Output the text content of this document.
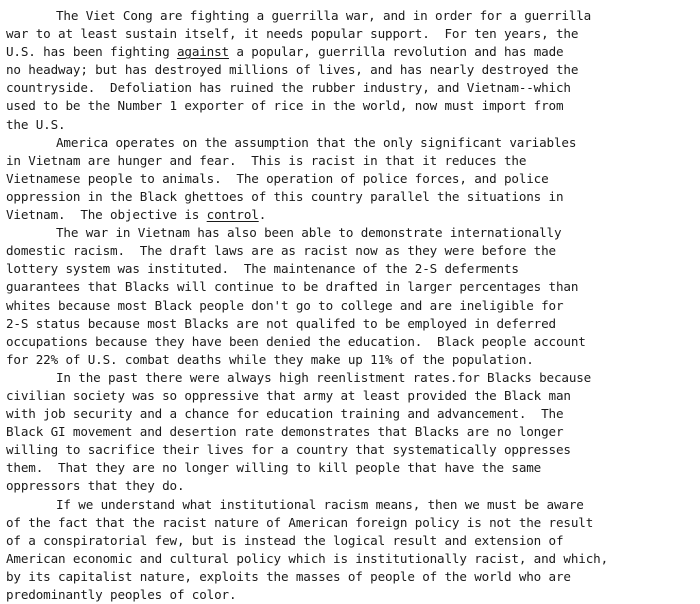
The Viet Cong are fighting a guerrilla war, and in order for a guerrilla
war to at least sustain itself, it needs popular support.  For ten years, the
U.S. has been fighting against a popular, guerrilla revolution and has made
no headway; but has destroyed millions of lives, and has nearly destroyed the
countryside.  Defoliation has ruined the rubber industry, and Vietnam--which
used to be the Number 1 exporter of rice in the world, now must import from
the U.S.
America operates on the assumption that the only significant variables
in Vietnam are hunger and fear.  This is racist in that it reduces the
Vietnamese people to animals.  The operation of police forces, and police
oppression in the Black ghettoes of this country parallel the situations in
Vietnam.  The objective is control.
The war in Vietnam has also been able to demonstrate internationally
domestic racism.  The draft laws are as racist now as they were before the
lottery system was instituted.  The maintenance of the 2-S deferments
guarantees that Blacks will continue to be drafted in larger percentages than
whites because most Black people don't go to college and are ineligible for
2-S status because most Blacks are not qualifed to be employed in deferred
occupations because they have been denied the education.  Black people account
for 22% of U.S. combat deaths while they make up 11% of the population.
In the past there were always high reenlistment rates.for Blacks because
civilian society was so oppressive that army at least provided the Black man
with job security and a chance for education training and advancement.  The
Black GI movement and desertion rate demonstrates that Blacks are no longer
willing to sacrifice their lives for a country that systematically oppresses
them.  That they are no longer willing to kill people that have the same
oppressors that they do.
If we understand what institutional racism means, then we must be aware
of the fact that the racist nature of American foreign policy is not the result
of a conspiratorial few, but is instead the logical result and extension of
American economic and cultural policy which is institutionally racist, and which,
by its capitalist nature, exploits the masses of people of the world who are
predominantly peoples of color.
